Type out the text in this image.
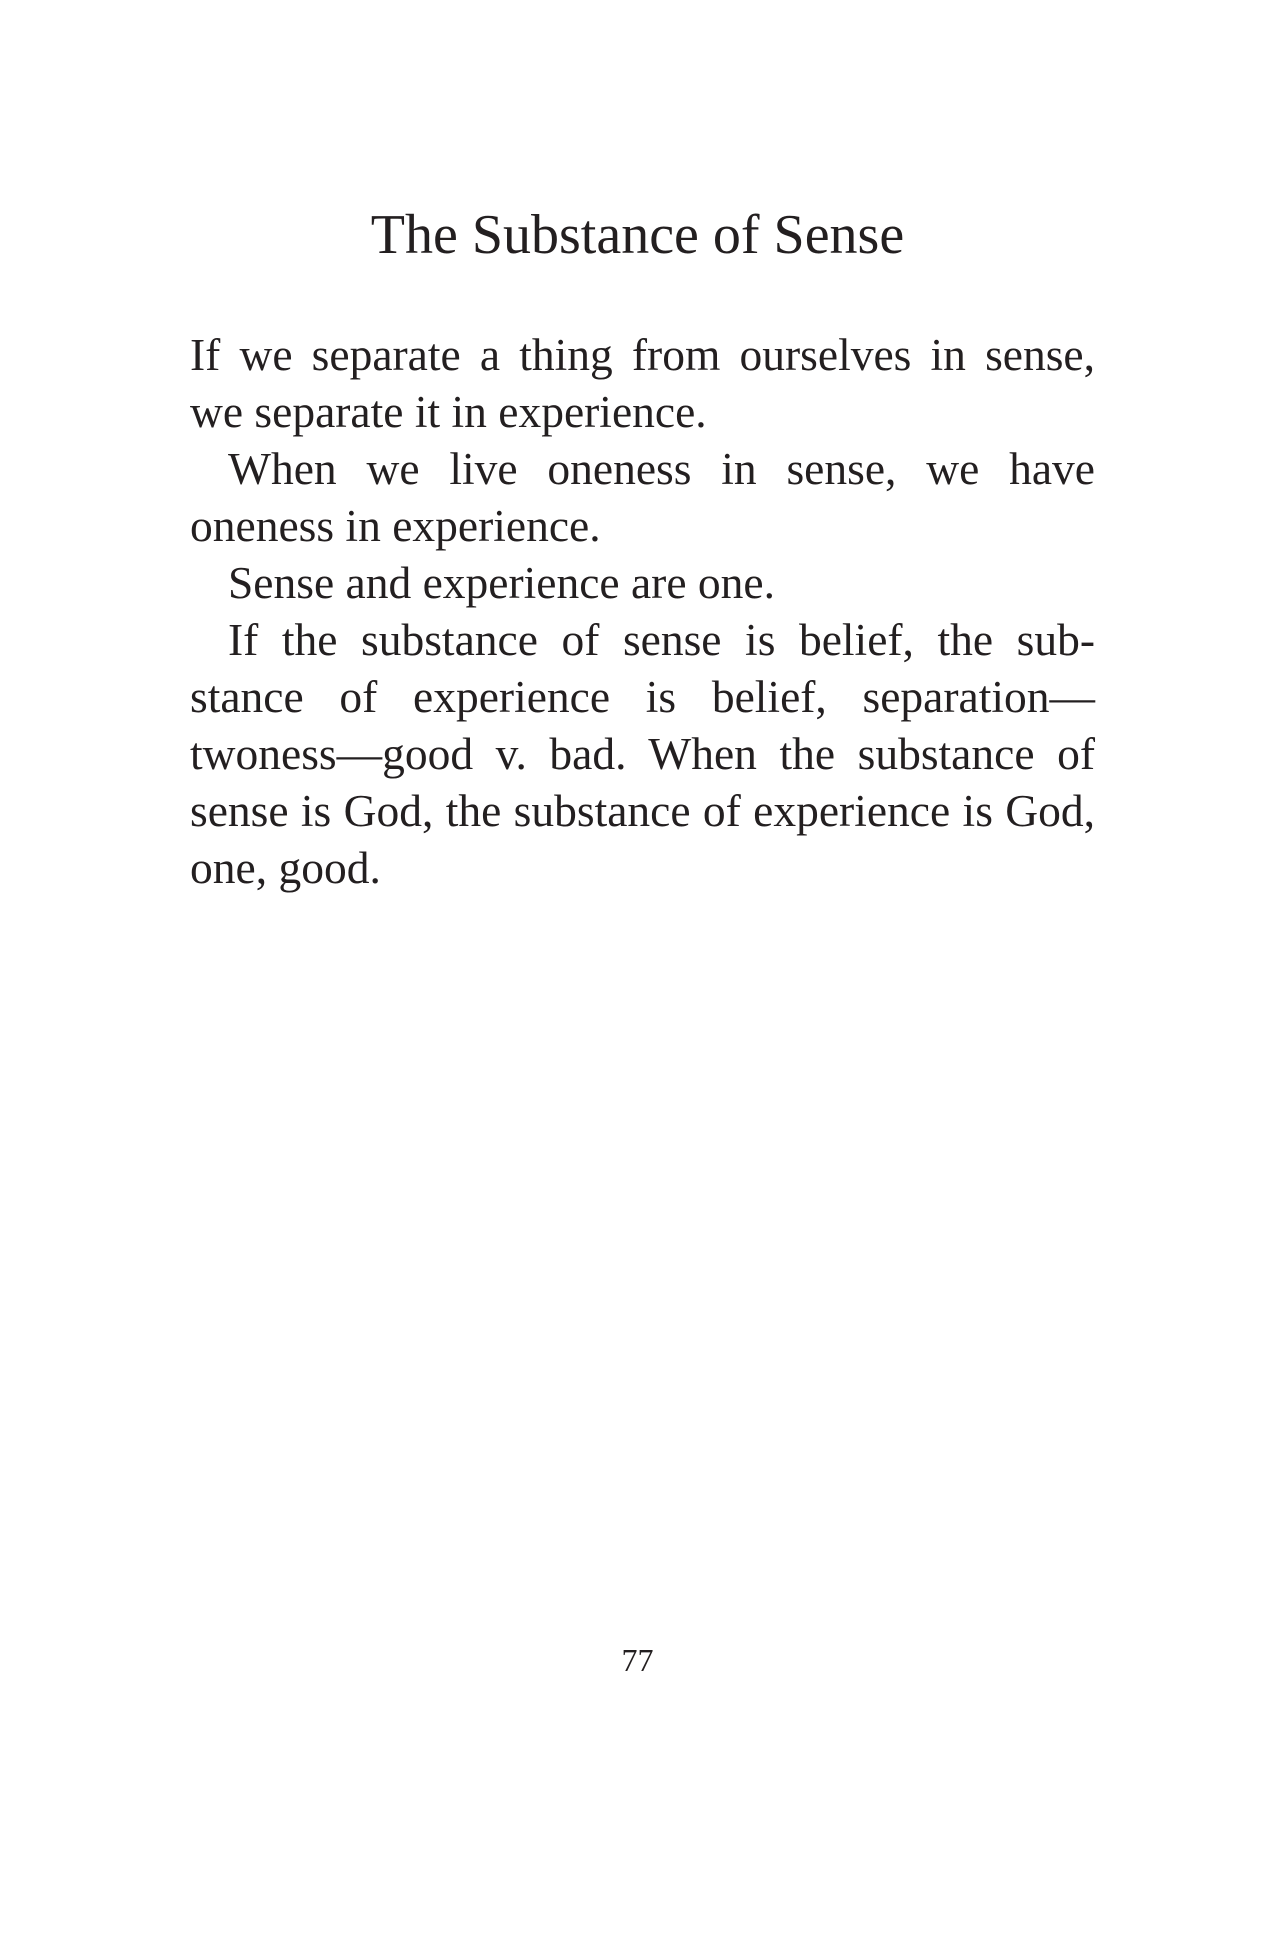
The Substance of Sense

If we separate a thing from ourselves in sense, we separate it in experience.

When we live oneness in sense, we have oneness in experience.

Sense and experience are one.

If the substance of sense is belief, the sub-stance of experience is belief, separation—twoness—good v. bad. When the substance of sense is God, the substance of experience is God, one, good.

77
